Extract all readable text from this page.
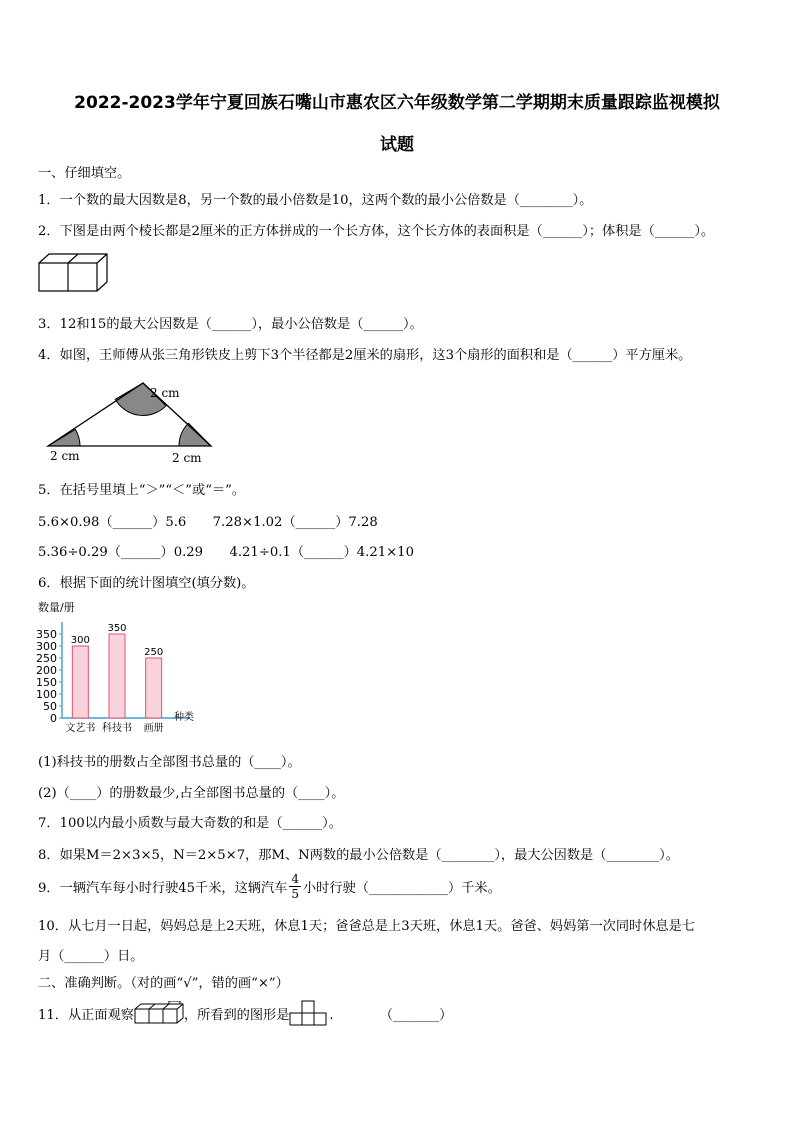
2022-2023学年宁夏回族石嘴山市惠农区六年级数学第二学期期末质量跟踪监视模拟
试题
一、仔细填空。
1．一个数的最大因数是8，另一个数的最小倍数是10，这两个数的最小公倍数是（________）。
2．下图是由两个棱长都是2厘米的正方体拼成的一个长方体，这个长方体的表面积是（______）；体积是（______）。
3．12和15的最大公因数是（______），最小公倍数是（______）。
4．如图，王师傅从张三角形铁皮上剪下3个半径都是2厘米的扇形，这3个扇形的面积和是（______）平方厘米。
2 cm
2 cm	2 cm
5．在括号里填上“＞”“＜”或“＝”。
5.6×0.98（______）5.6　　7.28×1.02（______）7.28
5.36÷0.29（______）0.29　　4.21÷0.1（______）4.21×10
6．根据下面的统计图填空(填分数)。
数量/册
0
50
100
150
200
250
300
350 300
文艺书
350
科技书
250
画册
种类
(1)科技书的册数占全部图书总量的（____）。
(2)（____）的册数最少,占全部图书总量的（____）。
7．100以内最小质数与最大奇数的和是（______）。
8．如果M＝2×3×5，N＝2×5×7，那M、N两数的最小公倍数是（________），最大公因数是（________）。
9．一辆汽车每小时行驶45千米，这辆汽车 $\frac{4}{5}$ 小时行驶（____________）千米。
10．从七月一日起，妈妈总是上2天班，休息1天；爸爸总是上3天班，休息1天。爸爸、妈妈第一次同时休息是七
月（______）日。
二、准确判断。（对的画“√”，错的画“×”）
11．从正面观察	，所看到的图形是	.　　　　（_______）
